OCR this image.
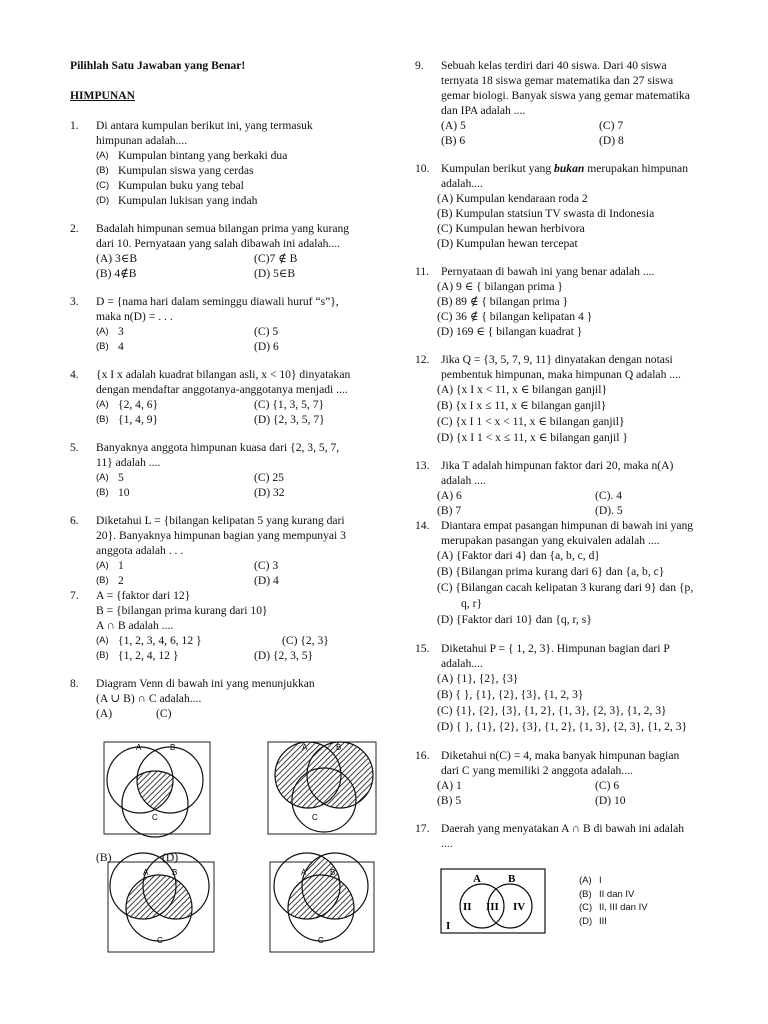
Pilihlah Satu Jawaban yang Benar!
HIMPUNAN
1. Di antara kumpulan berikut ini, yang termasuk
himpunan adalah....
(A) Kumpulan bintang yang berkaki dua
(B) Kumpulan siswa yang cerdas
(C) Kumpulan buku yang tebal
(D) Kumpulan lukisan yang indah
2. Badalah himpunan semua bilangan prima yang kurang
dari 10. Pernyataan yang salah dibawah ini adalah....
(A) 3∈B	(C)7 ∉ B
(B) 4∉B	(D) 5∈B
3. D = {nama hari dalam seminggu diawali huruf “s”},
maka n(D) = . . .
(A) 3	(C) 5
(B) 4	(D) 6
4. {x I x adalah kuadrat bilangan asli, x < 10} dinyatakan
dengan mendaftar anggotanya-anggotanya menjadi ....
(A) {2, 4, 6}	(C) {1, 3, 5, 7}
(B) {1, 4, 9}	(D) {2, 3, 5, 7}
5. Banyaknya anggota himpunan kuasa dari {2, 3, 5, 7,
11} adalah ....
(A) 5	(C) 25
(B) 10	(D) 32
6. Diketahui L = {bilangan kelipatan 5 yang kurang dari
20}. Banyaknya himpunan bagian yang mempunyai 3
anggota adalah . . .
(A) 1	(C) 3
(B) 2	(D) 4
7. A = {faktor dari 12}
B = {bilangan prima kurang dari 10}
A ∩ B adalah ....
(A) {1, 2, 3, 4, 6, 12 }	(C) {2, 3}
(B) {1, 2, 4, 12 }	(D) {2, 3, 5}
8. Diagram Venn di bawah ini yang menunjukkan
(A ∪ B) ∩ C adalah....
(A)	(C)
A	B
C
A	B
C
A	B
C
A	B
C
(B)	(D)
9. Sebuah kelas terdiri dari 40 siswa. Dari 40 siswa
ternyata 18 siswa gemar matematika dan 27 siswa
gemar biologi. Banyak siswa yang gemar matematika
dan IPA adalah ....
(A) 5	(C) 7
(B) 6	(D) 8
10. Kumpulan berikut yang bukan merupakan himpunan
adalah....
(A) Kumpulan kendaraan roda 2
(B) Kumpulan statsiun TV swasta di Indonesia
(C) Kumpulan hewan herbivora
(D) Kumpulan hewan tercepat
11. Pernyataan di bawah ini yang benar adalah ....
(A) 9 ∈ { bilangan prima }
(B) 89 ∉ { bilangan prima }
(C) 36 ∉ { bilangan kelipatan 4 }
(D) 169 ∈ { bilangan kuadrat }
12. Jika Q = {3, 5, 7, 9, 11} dinyatakan dengan notasi
pembentuk himpunan, maka himpunan Q adalah ....
(A) {x I x < 11, x ∈ bilangan ganjil}
(B) {x I x ≤ 11, x ∈ bilangan ganjil}
(C) {x I 1 < x < 11, x ∈ bilangan ganjil}
(D) {x I 1 < x ≤ 11, x ∈ bilangan ganjil }
13. Jika T adalah himpunan faktor dari 20, maka n(A)
adalah ....
(A) 6	(C). 4
(B) 7	(D). 5
14. Diantara empat pasangan himpunan di bawah ini yang
merupakan pasangan yang ekuivalen adalah ....
(A) {Faktor dari 4} dan {a, b, c, d}
(B) {Bilangan prima kurang dari 6} dan {a, b, c}
(C) {Bilangan cacah kelipatan 3 kurang dari 9} dan {p,
q, r}
(D) {Faktor dari 10} dan {q, r, s}
15. Diketahui P = { 1, 2, 3}. Himpunan bagian dari P
adalah....
(A) {1}, {2}, {3}
(B) { }, {1}, {2}, {3}, {1, 2, 3}
(C) {1}, {2}, {3}, {1, 2}, {1, 3}, {2, 3}, {1, 2, 3}
(D) { }, {1}, {2}, {3}, {1, 2}, {1, 3}, {2, 3}, {1, 2, 3}
16. Diketahui n(C) = 4, maka banyak himpunan bagian
dari C yang memiliki 2 anggota adalah....
(A) 1	(C) 6
(B) 5	(D) 10
17. Daerah yang menyatakan A ∩ B di bawah ini adalah
....
A B
II III IV
I
(A) I
(B) II dan IV
(C) II, III dan IV
(D) III
